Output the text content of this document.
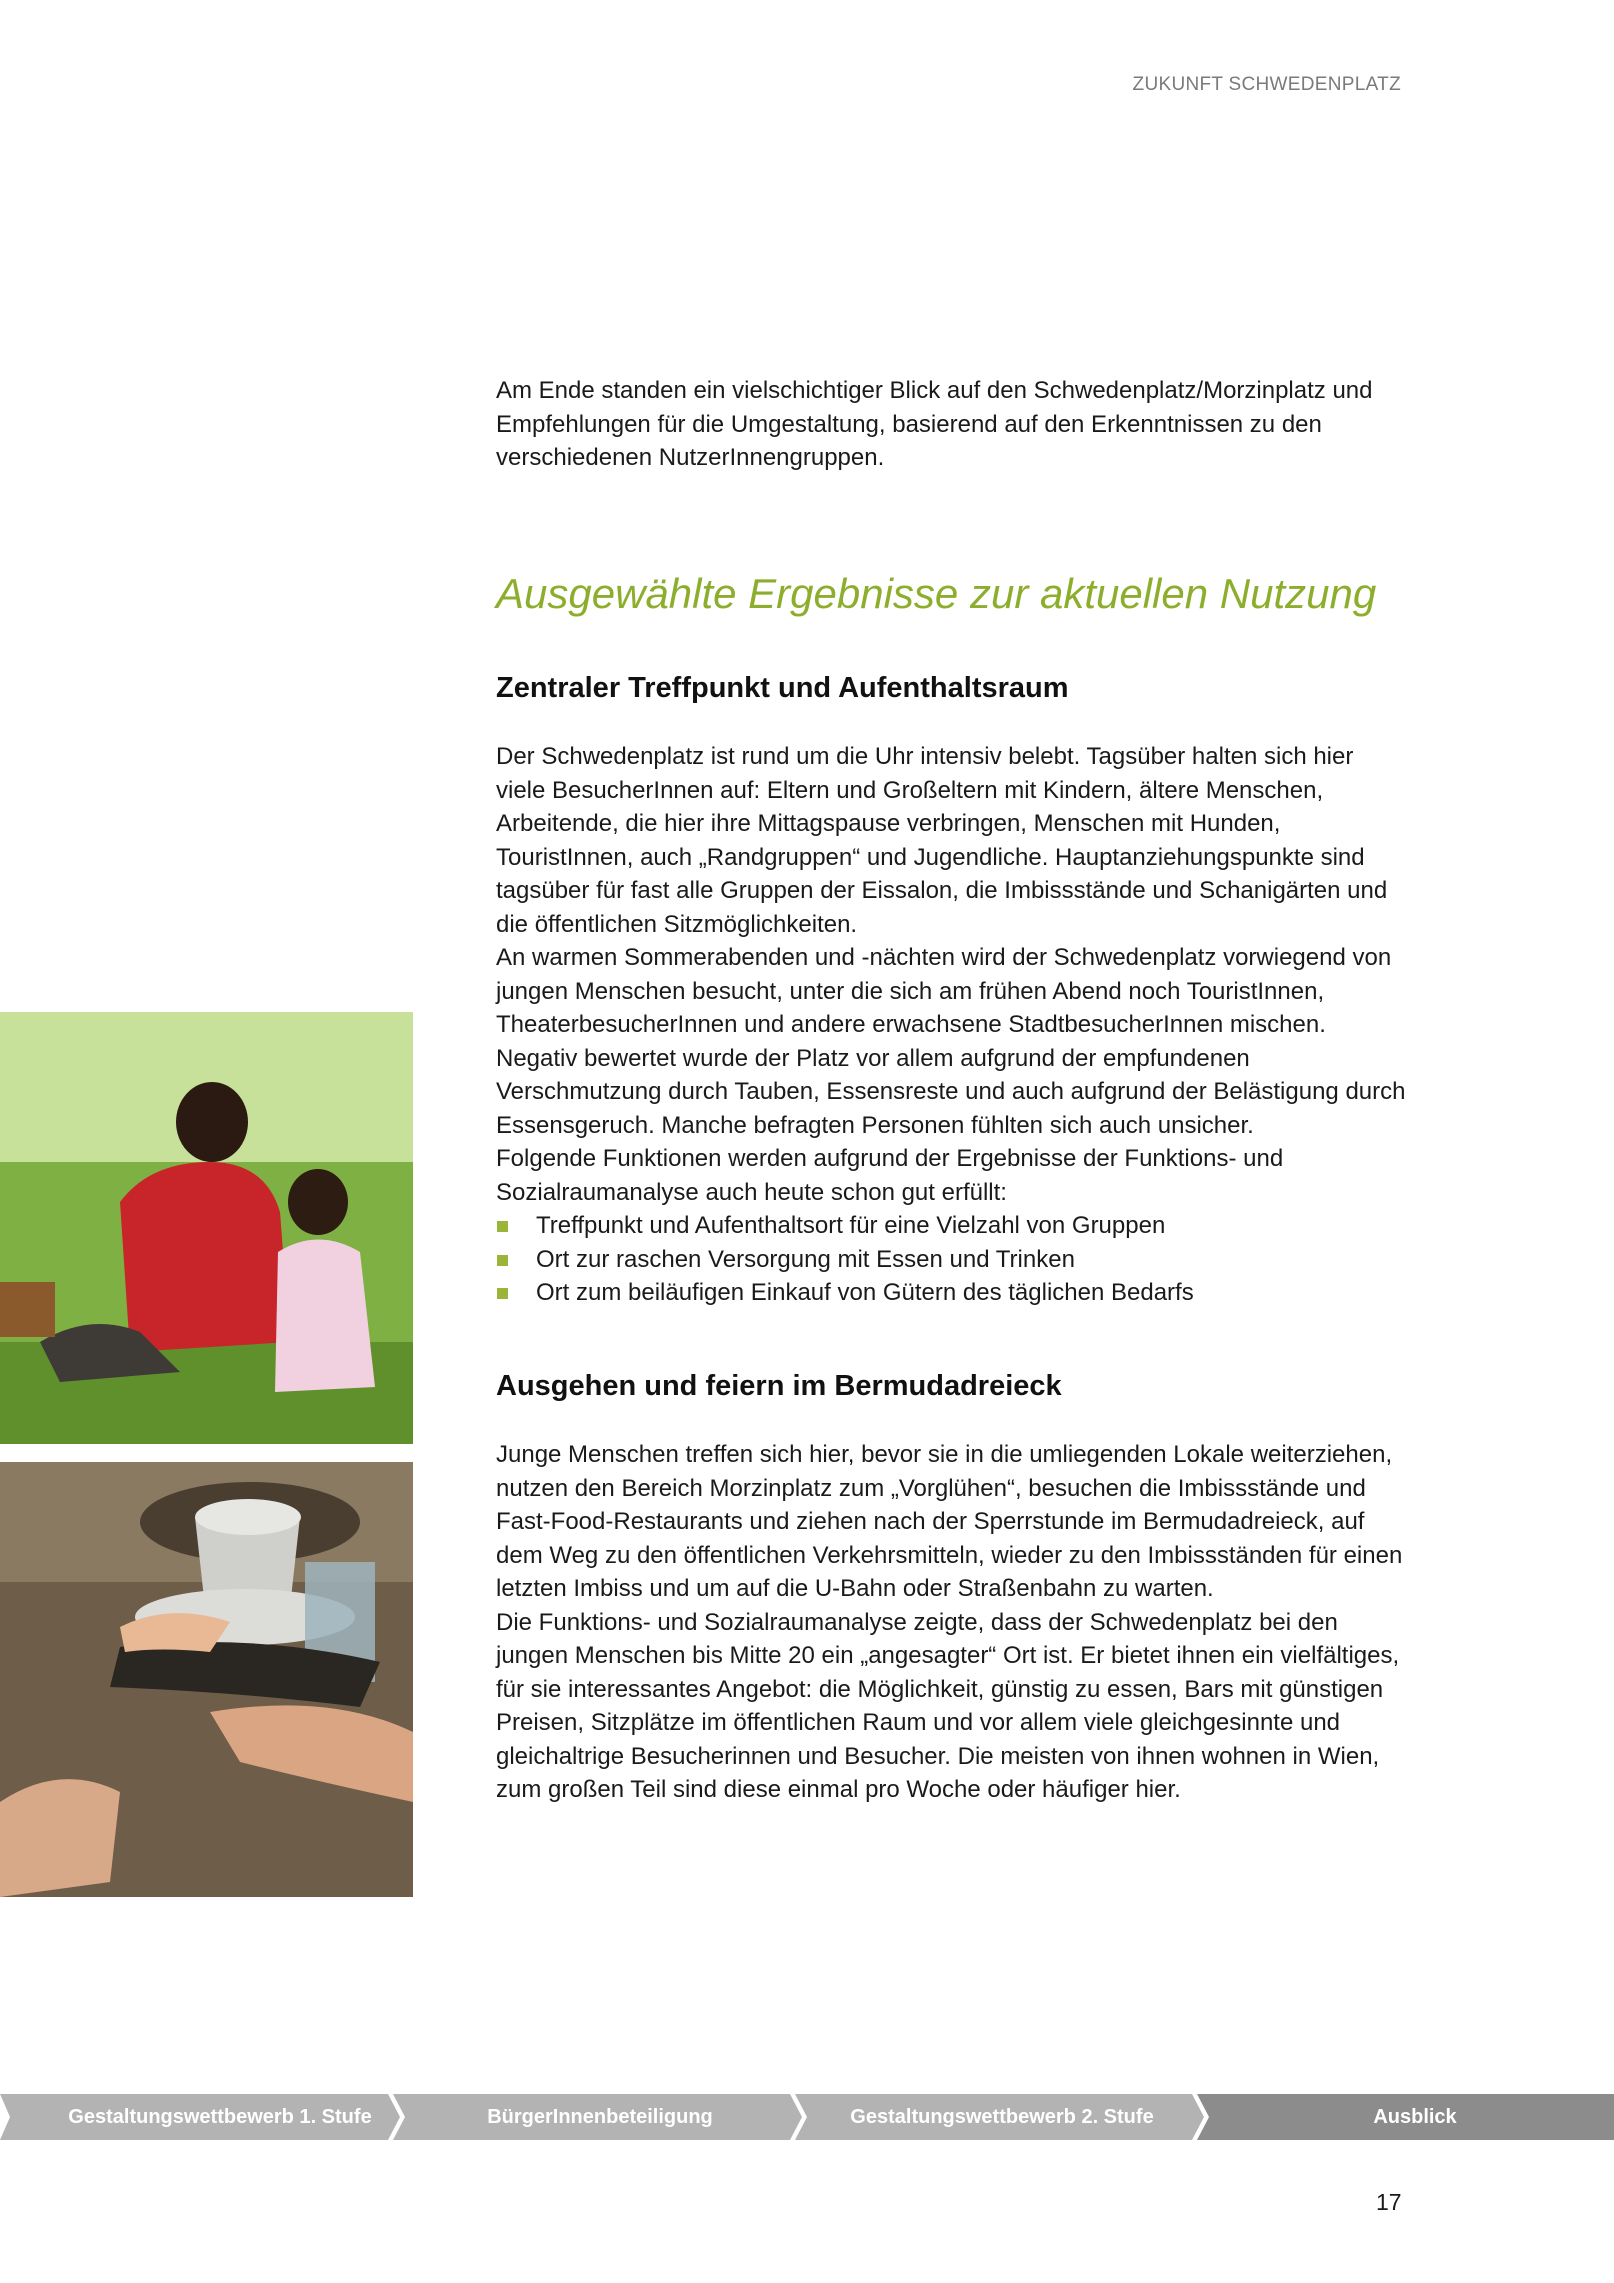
ZUKUNFT SCHWEDENPLATZ

Am Ende standen ein vielschichtiger Blick auf den Schwedenplatz/Morzinplatz und Empfehlungen für die Umgestaltung, basierend auf den Erkenntnissen zu den verschiedenen NutzerInnengruppen.

Ausgewählte Ergebnisse zur aktuellen Nutzung
Zentraler Treffpunkt und Aufenthaltsraum

Der Schwedenplatz ist rund um die Uhr intensiv belebt. Tagsüber halten sich hier viele BesucherInnen auf: Eltern und Großeltern mit Kindern, ältere Menschen, Arbeitende, die hier ihre Mittagspause verbringen, Menschen mit Hunden, TouristInnen, auch „Randgruppen“ und Jugendliche. Hauptanziehungspunkte sind tagsüber für fast alle Gruppen der Eissalon, die Imbissstände und Schanigärten und die öffentlichen Sitzmöglichkeiten.

An warmen Sommerabenden und -nächten wird der Schwedenplatz vorwiegend von jungen Menschen besucht, unter die sich am frühen Abend noch TouristInnen, TheaterbesucherInnen und andere erwachsene StadtbesucherInnen mischen.

Negativ bewertet wurde der Platz vor allem aufgrund der empfundenen Verschmutzung durch Tauben, Essensreste und auch aufgrund der Belästigung durch Essensgeruch. Manche befragten Personen fühlten sich auch unsicher.

Folgende Funktionen werden aufgrund der Ergebnisse der Funktions- und Sozialraumanalyse auch heute schon gut erfüllt:

Treffpunkt und Aufenthaltsort für eine Vielzahl von Gruppen
Ort zur raschen Versorgung mit Essen und Trinken
Ort zum beiläufigen Einkauf von Gütern des täglichen Bedarfs
Ausgehen und feiern im Bermudadreieck

Junge Menschen treffen sich hier, bevor sie in die umliegenden Lokale weiterziehen, nutzen den Bereich Morzinplatz zum „Vorglühen“, besuchen die Imbissstände und Fast-Food-Restaurants und ziehen nach der Sperrstunde im Bermudadreieck, auf dem Weg zu den öffentlichen Verkehrsmitteln, wieder zu den Imbissständen für einen letzten Imbiss und um auf die U-Bahn oder Straßenbahn zu warten.

Die Funktions- und Sozialraumanalyse zeigte, dass der Schwedenplatz bei den jungen Menschen bis Mitte 20 ein „angesagter“ Ort ist. Er bietet ihnen ein vielfältiges, für sie interessantes Angebot: die Möglichkeit, günstig zu essen, Bars mit günstigen Preisen, Sitzplätze im öffentlichen Raum und vor allem viele gleichgesinnte und gleichaltrige Besucherinnen und Besucher. Die meisten von ihnen wohnen in Wien, zum großen Teil sind diese einmal pro Woche oder häufiger hier.

Gestaltungswettbewerb 1. Stufe	BürgerInnenbeteiligung	Gestaltungswettbewerb 2. Stufe	Ausblick
17
